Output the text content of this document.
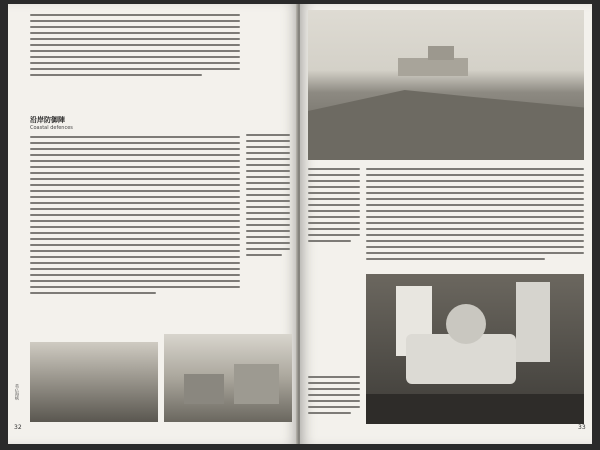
沿岸防御陣
Coastal defences
英仏海峡
32	33
